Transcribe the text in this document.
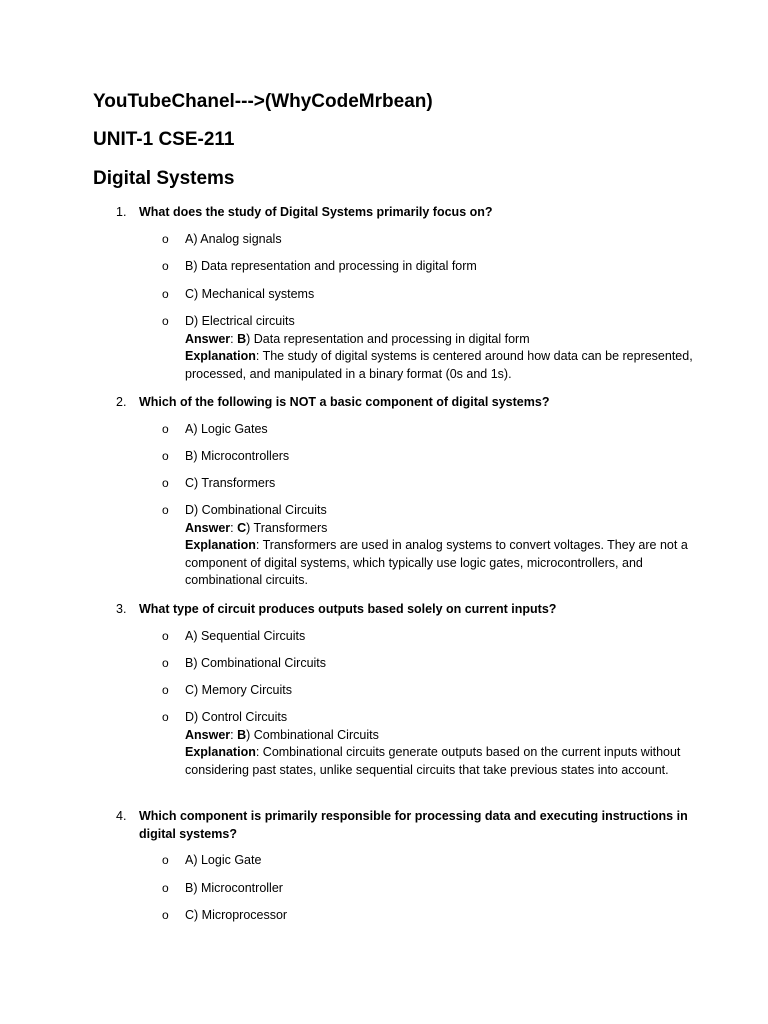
YouTubeChanel--->(WhyCodeMrbean)
UNIT-1 CSE-211
Digital Systems
1.	What does the study of Digital Systems primarily focus on?
o A) Analog signals
o B) Data representation and processing in digital form
o C) Mechanical systems
o D) Electrical circuits
Answer: B) Data representation and processing in digital form
Explanation: The study of digital systems is centered around how data can be represented, processed, and manipulated in a binary format (0s and 1s).
2.	Which of the following is NOT a basic component of digital systems?
o A) Logic Gates
o B) Microcontrollers
o C) Transformers
o D) Combinational Circuits
Answer: C) Transformers
Explanation: Transformers are used in analog systems to convert voltages. They are not a component of digital systems, which typically use logic gates, microcontrollers, and combinational circuits.
3.	What type of circuit produces outputs based solely on current inputs?
o A) Sequential Circuits
o B) Combinational Circuits
o C) Memory Circuits
o D) Control Circuits
Answer: B) Combinational Circuits
Explanation: Combinational circuits generate outputs based on the current inputs without considering past states, unlike sequential circuits that take previous states into account.
4.	Which component is primarily responsible for processing data and executing instructions in digital systems?
o A) Logic Gate
o B) Microcontroller
o C) Microprocessor
